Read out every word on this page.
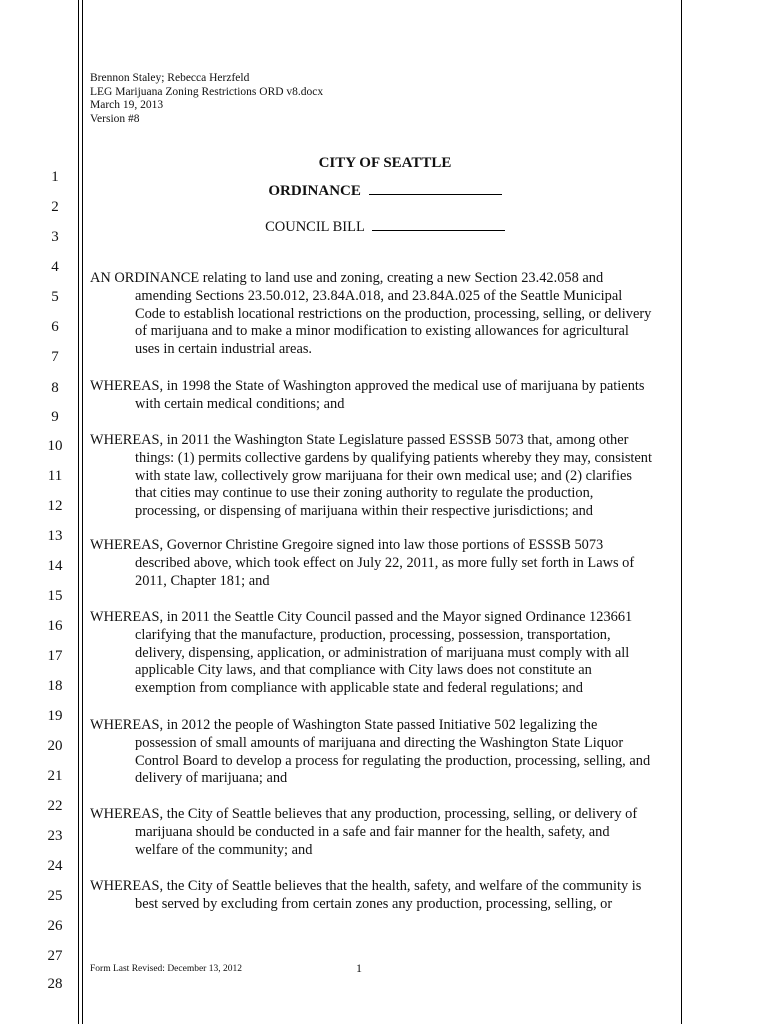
1
2
3
4
5
6
7
8
9
10
11
12
13
14
15
16
17
18
19
20
21
22
23
24
25
26
27
28
Brennon Staley; Rebecca Herzfeld
LEG Marijuana Zoning Restrictions ORD v8.docx
March 19, 2013
Version #8
CITY OF SEATTLE
ORDINANCE
COUNCIL BILL
AN ORDINANCE relating to land use and zoning, creating a new Section 23.42.058 and
amending Sections 23.50.012, 23.84A.018, and 23.84A.025 of the Seattle Municipal
Code to establish locational restrictions on the production, processing, selling, or delivery
of marijuana and to make a minor modification to existing allowances for agricultural
uses in certain industrial areas.
WHEREAS, in 1998 the State of Washington approved the medical use of marijuana by patients
with certain medical conditions; and
WHEREAS, in 2011 the Washington State Legislature passed ESSSB 5073 that, among other
things: (1) permits collective gardens by qualifying patients whereby they may, consistent
with state law, collectively grow marijuana for their own medical use; and (2) clarifies
that cities may continue to use their zoning authority to regulate the production,
processing, or dispensing of marijuana within their respective jurisdictions; and
WHEREAS, Governor Christine Gregoire signed into law those portions of ESSSB 5073
described above, which took effect on July 22, 2011, as more fully set forth in Laws of
2011, Chapter 181; and
WHEREAS, in 2011 the Seattle City Council passed and the Mayor signed Ordinance 123661
clarifying that the manufacture, production, processing, possession, transportation,
delivery, dispensing, application, or administration of marijuana must comply with all
applicable City laws, and that compliance with City laws does not constitute an
exemption from compliance with applicable state and federal regulations; and
WHEREAS, in 2012 the people of Washington State passed Initiative 502 legalizing the
possession of small amounts of marijuana and directing the Washington State Liquor
Control Board to develop a process for regulating the production, processing, selling, and
delivery of marijuana; and
WHEREAS, the City of Seattle believes that any production, processing, selling, or delivery of
marijuana should be conducted in a safe and fair manner for the health, safety, and
welfare of the community; and
WHEREAS, the City of Seattle believes that the health, safety, and welfare of the community is
best served by excluding from certain zones any production, processing, selling, or
Form Last Revised: December 13, 2012	1
